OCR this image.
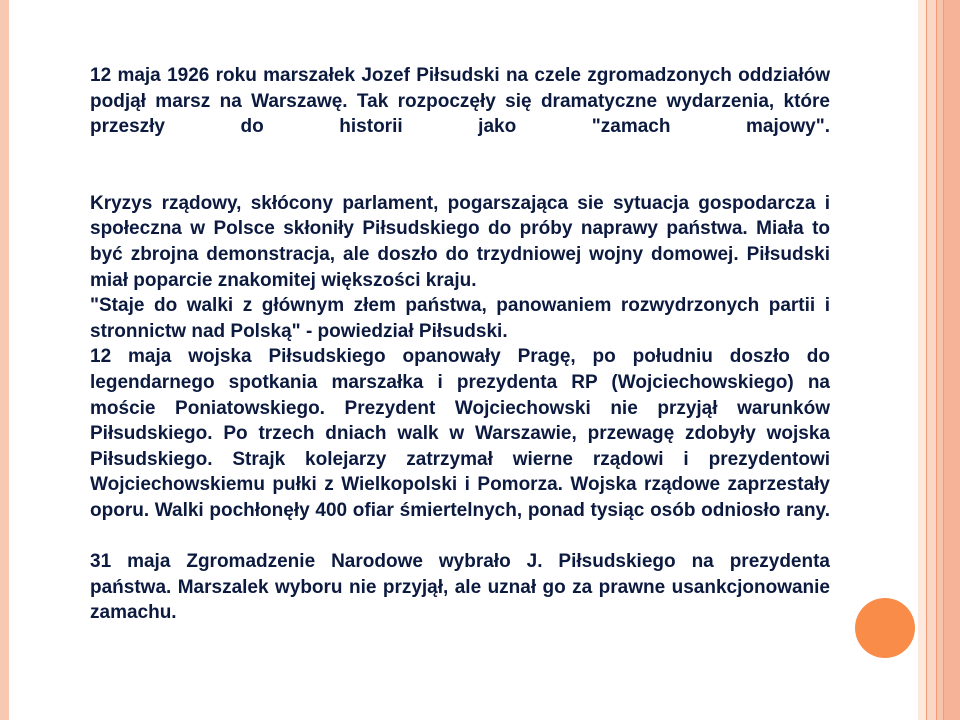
12 maja 1926 roku marszałek Jozef Piłsudski na czele zgromadzonych oddziałów podjął marsz na Warszawę. Tak rozpoczęły się dramatyczne wydarzenia, które przeszły do historii jako "zamach majowy".

Kryzys rządowy, skłócony parlament, pogarszająca sie sytuacja gospodarcza i społeczna w Polsce skłoniły Piłsudskiego do próby naprawy państwa. Miała to być zbrojna demonstracja, ale doszło do trzydniowej wojny domowej. Piłsudski miał poparcie znakomitej większości kraju.

"Staje do walki z głównym złem państwa, panowaniem rozwydrzonych partii i stronnictw nad Polską" - powiedział Piłsudski.

12 maja wojska Piłsudskiego opanowały Pragę, po południu doszło do legendarnego spotkania marszałka i prezydenta RP (Wojciechowskiego) na moście Poniatowskiego. Prezydent Wojciechowski nie przyjął warunków Piłsudskiego. Po trzech dniach walk w Warszawie, przewagę zdobyły wojska Piłsudskiego. Strajk kolejarzy zatrzymał wierne rządowi i prezydentowi Wojciechowskiemu pułki z Wielkopolski i Pomorza. Wojska rządowe zaprzestały oporu. Walki pochłonęły 400 ofiar śmiertelnych, ponad tysiąc osób odniosło rany.

31 maja Zgromadzenie Narodowe wybrało J. Piłsudskiego na prezydenta państwa. Marszalek wyboru nie przyjął, ale uznał go za prawne usankcjonowanie zamachu.
